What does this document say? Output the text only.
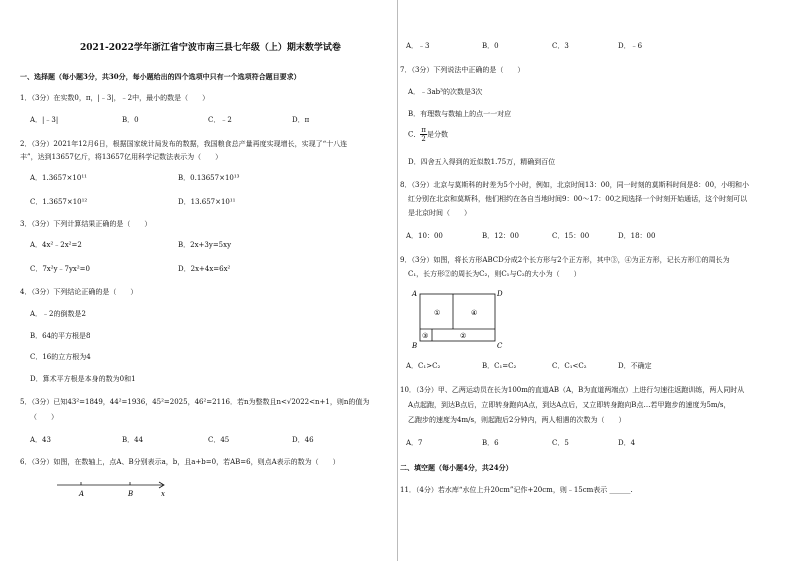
2021-2022学年浙江省宁波市南三县七年级（上）期末数学试卷
一、选择题（每小题3分，共30分，每小题给出的四个选项中只有一个选项符合题目要求）
1．（3分）在实数0，π，|﹣3|，﹣2中，最小的数是（　　）
A．|﹣3|	B．0	C．﹣2	D．π
2．（3分）2021年12月6日，根据国家统计局发布的数据，我国粮食总产量再度实现增长，实现了“十八连
丰”，达到13657亿斤，将13657亿用科学记数法表示为（　　）
A．1.3657×10¹¹	B．0.13657×10¹³
C．1.3657×10¹²	D．13.657×10¹¹
3．（3分）下列计算结果正确的是（　　）
A．4x²﹣2x²=2	B．2x+3y=5xy
C．7x²y﹣7yx²=0	D．2x+4x=6x²
4．（3分）下列结论正确的是（　　）
A．﹣2的倒数是2
B．64的平方根是8
C．16的立方根为4
D．算术平方根是本身的数为0和1
5．（3分）已知43²=1849，44²=1936，45²=2025，46²=2116．若n为整数且n<√2022<n+1，则n的值为
（　　）
A．43	B．44	C．45	D．46
6．（3分）如图，在数轴上，点A、B分别表示a，b，且a+b=0，若AB=6，则点A表示的数为（　　）
A	B	x
A．﹣3	B．0	C．3	D．﹣6
7．（3分）下列说法中正确的是（　　）
A．﹣3ab³的次数是3次
B．有理数与数轴上的点一一对应
C． $\frac{\pi}{2}$ 是分数
D．四舍五入得到的近似数1.75万，精确到百位
8．（3分）北京与莫斯科的时差为5个小时，例如，北京时间13：00，同一时刻的莫斯科时间是8：00，小明和小
红分别在北京和莫斯科，他们相约在各自当地时间9：00～17：00之间选择一个时刻开始通话，这个时刻可以
是北京时间（　　）
A．10：00	B．12：00	C．15：00	D．18：00
9．（3分）如图，将长方形ABCD分成2个长方形与2个正方形，其中③，④为正方形，记长方形①的周长为
C₁，长方形②的周长为C₂，则C₁与C₂的大小为（　　）
A	D
B	C
①	④
③	②
A．C₁>C₂	B．C₁=C₂	C．C₁<C₂	D．不确定
10．（3分）甲、乙两运动员在长为100m的直道AB（A，B为直道两端点）上进行匀速往返跑训练，两人同时从
A点起跑，到达B点后，立即转身跑向A点，到达A点后，又立即转身跑向B点…若甲跑步的速度为5m/s，
乙跑步的速度为4m/s，则起跑后2分钟内，两人相遇的次数为（　　）
A．7	B．6	C．5	D．4
二、填空题（每小题4分，共24分）
11．（4分）若水库“水位上升20cm”记作+20cm，则﹣15cm表示 ______.
